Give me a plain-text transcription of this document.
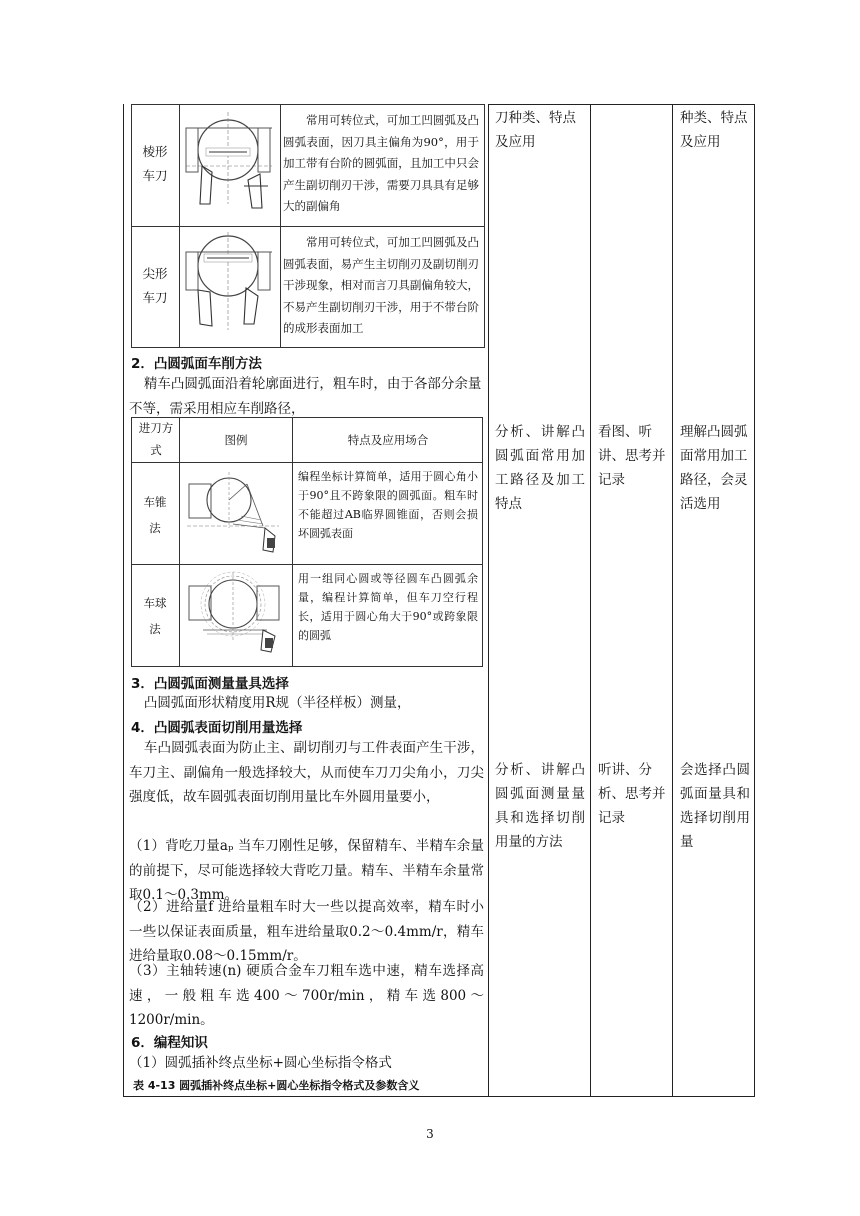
棱形
车刀
尖形
车刀
常用可转位式，可加工凹圆弧及凸圆弧表面，因刀具主偏角为90°，用于加工带有台阶的圆弧面，且加工中只会产生副切削刃干涉，需要刀具具有足够大的副偏角
常用可转位式，可加工凹圆弧及凸圆弧表面，易产生主切削刃及副切削刃干涉现象，相对而言刀具副偏角较大，不易产生副切削刃干涉，用于不带台阶的成形表面加工
2．凸圆弧面车削方法
精车凸圆弧面沿着轮廓面进行，粗车时，由于各部分余量不等，需采用相应车削路径，
进刀方式
图例	特点及应用场合
车锥
法
车球
法
编程坐标计算简单，适用于圆心角小于90°且不跨象限的圆弧面。粗车时不能超过AB临界圆锥面，否则会损坏圆弧表面
用一组同心圆或等径圆车凸圆弧余量，编程计算简单，但车刀空行程长，适用于圆心角大于90°或跨象限的圆弧
3．凸圆弧面测量量具选择
凸圆弧面形状精度用R规（半径样板）测量，
4．凸圆弧表面切削用量选择
车凸圆弧表面为防止主、副切削刃与工件表面产生干涉，车刀主、副偏角一般选择较大，从而使车刀刀尖角小，刀尖强度低，故车圆弧表面切削用量比车外圆用量要小，
（1）背吃刀量aₚ 当车刀刚性足够，保留精车、半精车余量的前提下，尽可能选择较大背吃刀量。精车、半精车余量常取0.1～0.3mm。
（2）进给量f 进给量粗车时大一些以提高效率，精车时小一些以保证表面质量，粗车进给量取0.2～0.4mm/r，精车进给量取0.08～0.15mm/r。
（3）主轴转速(n) 硬质合金车刀粗车选中速，精车选择高速，一般粗车选400～700r/min，精车选800～1200r/min。
6．编程知识
（1）圆弧插补终点坐标+圆心坐标指令格式
表 4-13 圆弧插补终点坐标+圆心坐标指令格式及参数含义
刀种类、特点及应用
分析、讲解凸圆弧面常用加工路径及加工特点
分析、讲解凸圆弧面测量量具和选择切削用量的方法
看图、听讲、思考并记录
听讲、分析、思考并记录
种类、特点及应用
理解凸圆弧面常用加工路径，会灵活选用
会选择凸圆弧面量具和选择切削用量
3
